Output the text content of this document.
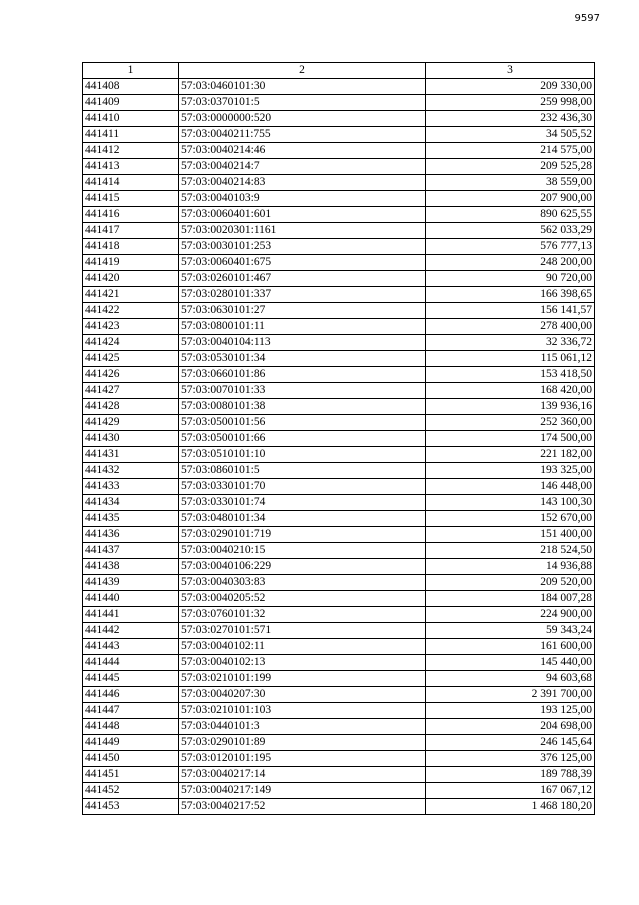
9597
1	2	3
441408	57:03:0460101:30	209 330,00
441409	57:03:0370101:5	259 998,00
441410	57:03:0000000:520	232 436,30
441411	57:03:0040211:755	34 505,52
441412	57:03:0040214:46	214 575,00
441413	57:03:0040214:7	209 525,28
441414	57:03:0040214:83	38 559,00
441415	57:03:0040103:9	207 900,00
441416	57:03:0060401:601	890 625,55
441417	57:03:0020301:1161	562 033,29
441418	57:03:0030101:253	576 777,13
441419	57:03:0060401:675	248 200,00
441420	57:03:0260101:467	90 720,00
441421	57:03:0280101:337	166 398,65
441422	57:03:0630101:27	156 141,57
441423	57:03:0800101:11	278 400,00
441424	57:03:0040104:113	32 336,72
441425	57:03:0530101:34	115 061,12
441426	57:03:0660101:86	153 418,50
441427	57:03:0070101:33	168 420,00
441428	57:03:0080101:38	139 936,16
441429	57:03:0500101:56	252 360,00
441430	57:03:0500101:66	174 500,00
441431	57:03:0510101:10	221 182,00
441432	57:03:0860101:5	193 325,00
441433	57:03:0330101:70	146 448,00
441434	57:03:0330101:74	143 100,30
441435	57:03:0480101:34	152 670,00
441436	57:03:0290101:719	151 400,00
441437	57:03:0040210:15	218 524,50
441438	57:03:0040106:229	14 936,88
441439	57:03:0040303:83	209 520,00
441440	57:03:0040205:52	184 007,28
441441	57:03:0760101:32	224 900,00
441442	57:03:0270101:571	59 343,24
441443	57:03:0040102:11	161 600,00
441444	57:03:0040102:13	145 440,00
441445	57:03:0210101:199	94 603,68
441446	57:03:0040207:30	2 391 700,00
441447	57:03:0210101:103	193 125,00
441448	57:03:0440101:3	204 698,00
441449	57:03:0290101:89	246 145,64
441450	57:03:0120101:195	376 125,00
441451	57:03:0040217:14	189 788,39
441452	57:03:0040217:149	167 067,12
441453	57:03:0040217:52	1 468 180,20
